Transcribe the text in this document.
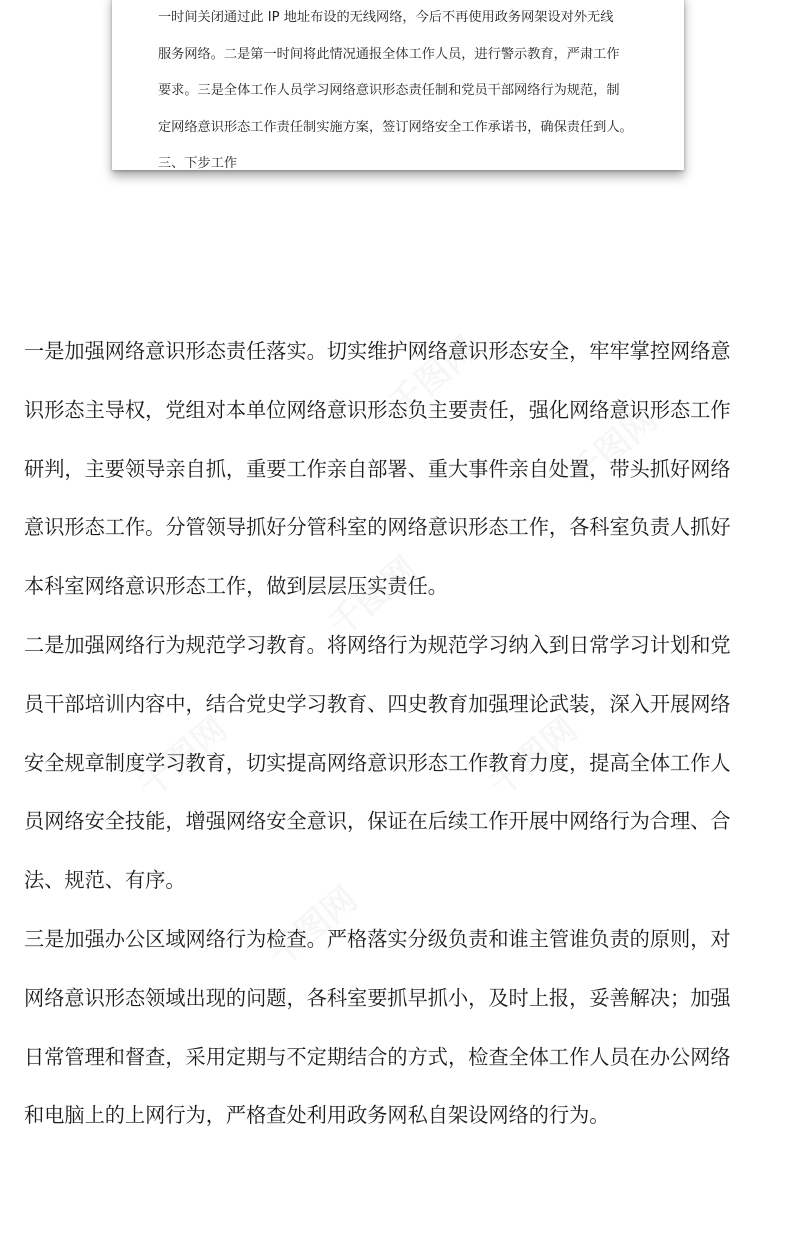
一时间关闭通过此 IP 地址布设的无线网络，今后不再使用政务网架设对外无线

服务网络。二是第一时间将此情况通报全体工作人员，进行警示教育，严肃工作

要求。三是全体工作人员学习网络意识形态责任制和党员干部网络行为规范，制

定网络意识形态工作责任制实施方案，签订网络安全工作承诺书，确保责任到人。

三、下步工作

一是加强网络意识形态责任落实。切实维护网络意识形态安全，牢牢掌控网络意

识形态主导权，党组对本单位网络意识形态负主要责任，强化网络意识形态工作

研判，主要领导亲自抓，重要工作亲自部署、重大事件亲自处置，带头抓好网络

意识形态工作。分管领导抓好分管科室的网络意识形态工作，各科室负责人抓好

本科室网络意识形态工作，做到层层压实责任。

二是加强网络行为规范学习教育。将网络行为规范学习纳入到日常学习计划和党

员干部培训内容中，结合党史学习教育、四史教育加强理论武装，深入开展网络

安全规章制度学习教育，切实提高网络意识形态工作教育力度，提高全体工作人

员网络安全技能，增强网络安全意识，保证在后续工作开展中网络行为合理、合

法、规范、有序。

三是加强办公区域网络行为检查。严格落实分级负责和谁主管谁负责的原则，对

网络意识形态领域出现的问题，各科室要抓早抓小，及时上报，妥善解决；加强

日常管理和督查，采用定期与不定期结合的方式，检查全体工作人员在办公网络

和电脑上的上网行为，严格查处利用政务网私自架设网络的行为。
